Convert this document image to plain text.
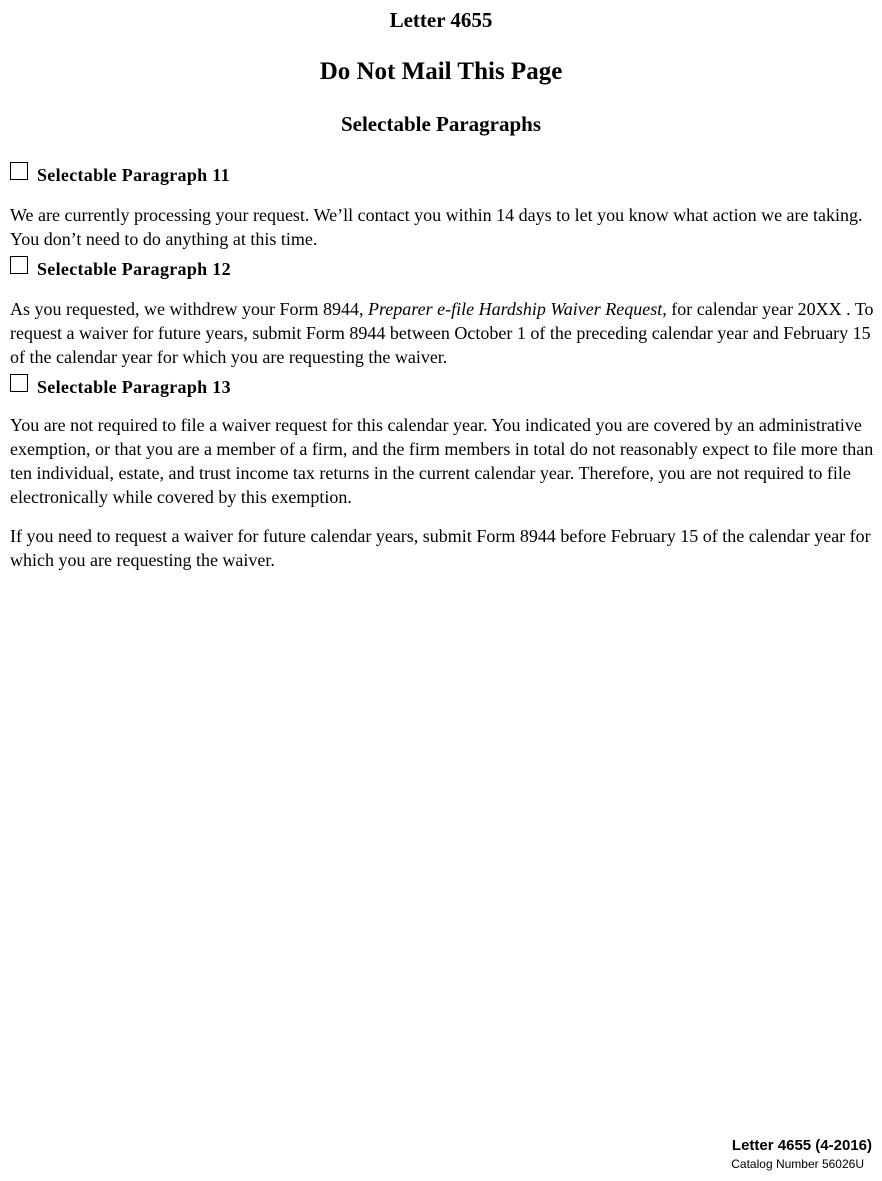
Letter 4655
Do Not Mail This Page
Selectable Paragraphs
Selectable Paragraph 11
We are currently processing your request. We’ll contact you within 14 days to let you know what action we are taking. You don’t need to do anything at this time.
Selectable Paragraph 12
As you requested, we withdrew your Form 8944, Preparer e-file Hardship Waiver Request, for calendar year 20XX . To request a waiver for future years, submit Form 8944 between October 1 of the preceding calendar year and February 15 of the calendar year for which you are requesting the waiver.
Selectable Paragraph 13
You are not required to file a waiver request for this calendar year. You indicated you are covered by an administrative exemption, or that you are a member of a firm, and the firm members in total do not reasonably expect to file more than ten individual, estate, and trust income tax returns in the current calendar year. Therefore, you are not required to file electronically while covered by this exemption.
If you need to request a waiver for future calendar years, submit Form 8944 before February 15 of the calendar year for which you are requesting the waiver.
Letter 4655 (4-2016)
Catalog Number 56026U
